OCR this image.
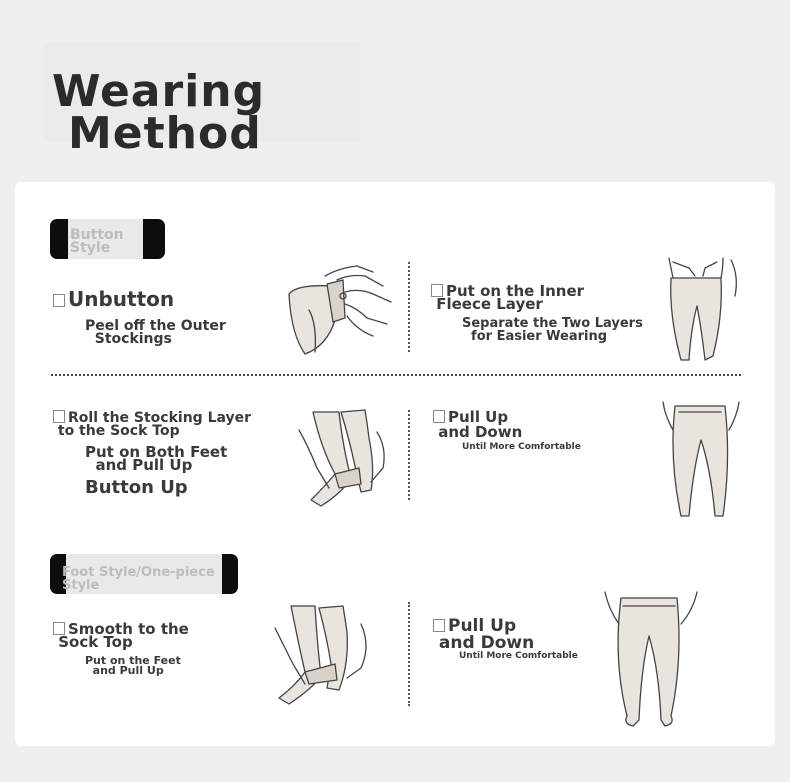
Wearing
Method
Button
Style
Unbutton
Peel off the Outer
Stockings
Put on the Inner
Fleece Layer
Separate the Two Layers
for Easier Wearing
Roll the Stocking Layer
to the Sock Top
Put on Both Feet
and Pull Up
Button Up
Pull Up
and Down
Until More Comfortable
Foot Style/One-piece
Style
Smooth to the
Sock Top
Put on the Feet
and Pull Up
Pull Up
and Down
Until More Comfortable
